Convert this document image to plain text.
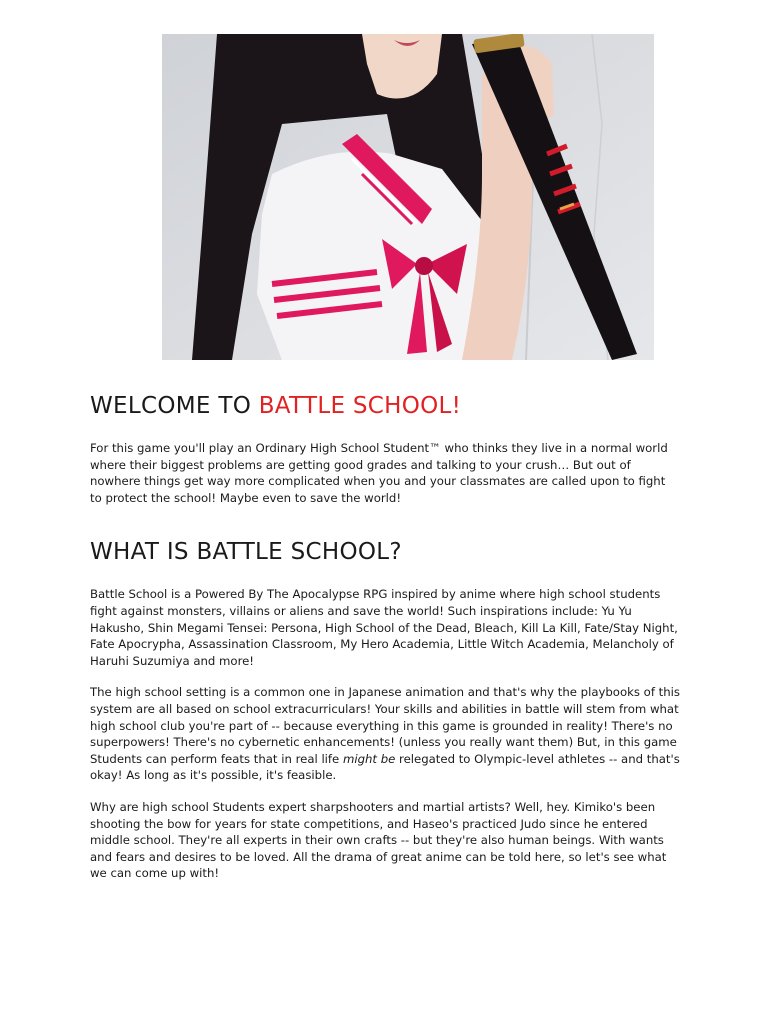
WELCOME TO BATTLE SCHOOL!

For this game you'll play an Ordinary High School Student™ who thinks they live in a normal world where their biggest problems are getting good grades and talking to your crush… But out of nowhere things get way more complicated when you and your classmates are called upon to fight to protect the school! Maybe even to save the world!

WHAT IS BATTLE SCHOOL?

Battle School is a Powered By The Apocalypse RPG inspired by anime where high school students fight against monsters, villains or aliens and save the world! Such inspirations include: Yu Yu Hakusho, Shin Megami Tensei: Persona, High School of the Dead, Bleach, Kill La Kill, Fate/Stay Night, Fate Apocrypha, Assassination Classroom, My Hero Academia, Little Witch Academia, Melancholy of Haruhi Suzumiya and more!

The high school setting is a common one in Japanese animation and that's why the playbooks of this system are all based on school extracurriculars! Your skills and abilities in battle will stem from what high school club you're part of -- because everything in this game is grounded in reality! There's no superpowers! There's no cybernetic enhancements! (unless you really want them) But, in this game Students can perform feats that in real life might be relegated to Olympic-level athletes -- and that's okay! As long as it's possible, it's feasible.

Why are high school Students expert sharpshooters and martial artists? Well, hey. Kimiko's been shooting the bow for years for state competitions, and Haseo's practiced Judo since he entered middle school. They're all experts in their own crafts -- but they're also human beings. With wants and fears and desires to be loved. All the drama of great anime can be told here, so let's see what we can come up with!
